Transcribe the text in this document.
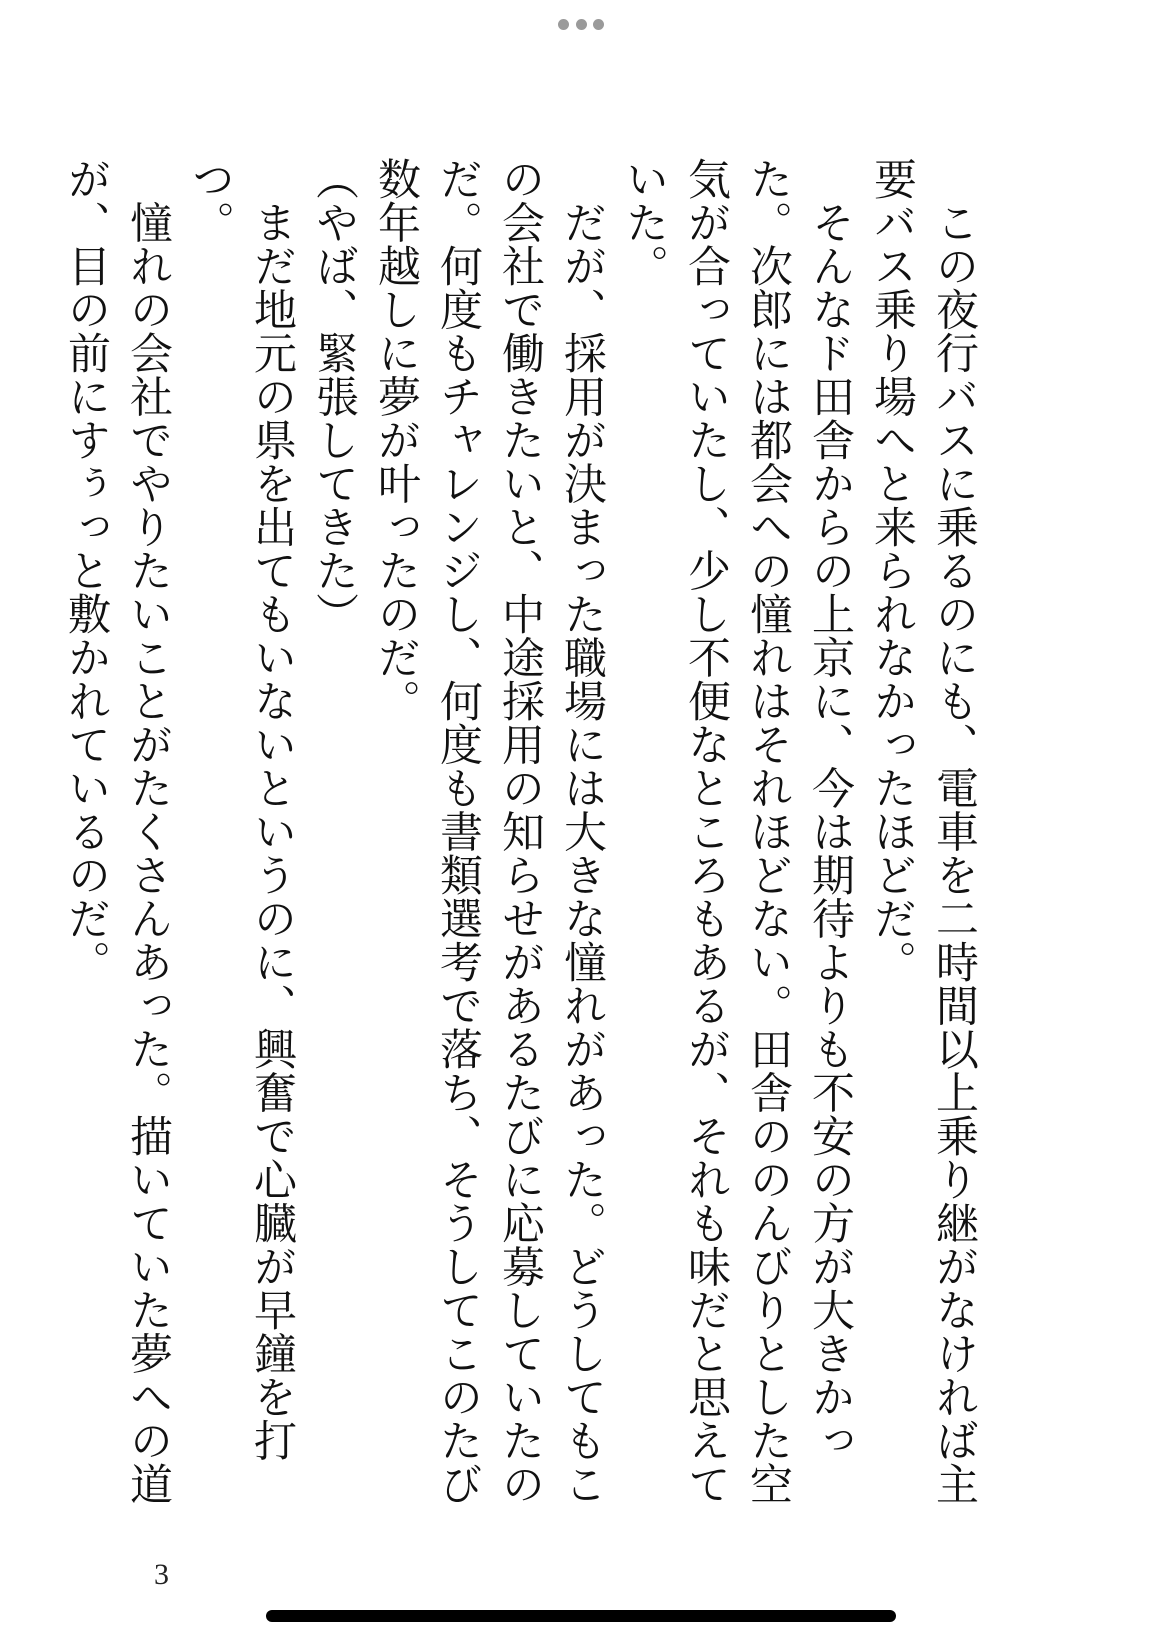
　この夜行バスに乗るのにも、電車を二時間以上乗り継がなければ主要バス乗り場へと来られなかったほどだ。

　そんなド田舎からの上京に、今は期待よりも不安の方が大きかった。次郎には都会への憧れはそれほどない。田舎ののんびりとした空気が合っていたし、少し不便なところもあるが、それも味だと思えていた。

　だが、採用が決まった職場には大きな憧れがあった。どうしてもこの会社で働きたいと、中途採用の知らせがあるたびに応募していたのだ。何度もチャレンジし、何度も書類選考で落ち、そうしてこのたび数年越しに夢が叶ったのだ。

（やば、緊張してきた）

　まだ地元の県を出てもいないというのに、興奮で心臓が早鐘を打つ。

　憧れの会社でやりたいことがたくさんあった。描いていた夢への道が、目の前にすぅっと敷かれているのだ。

3
